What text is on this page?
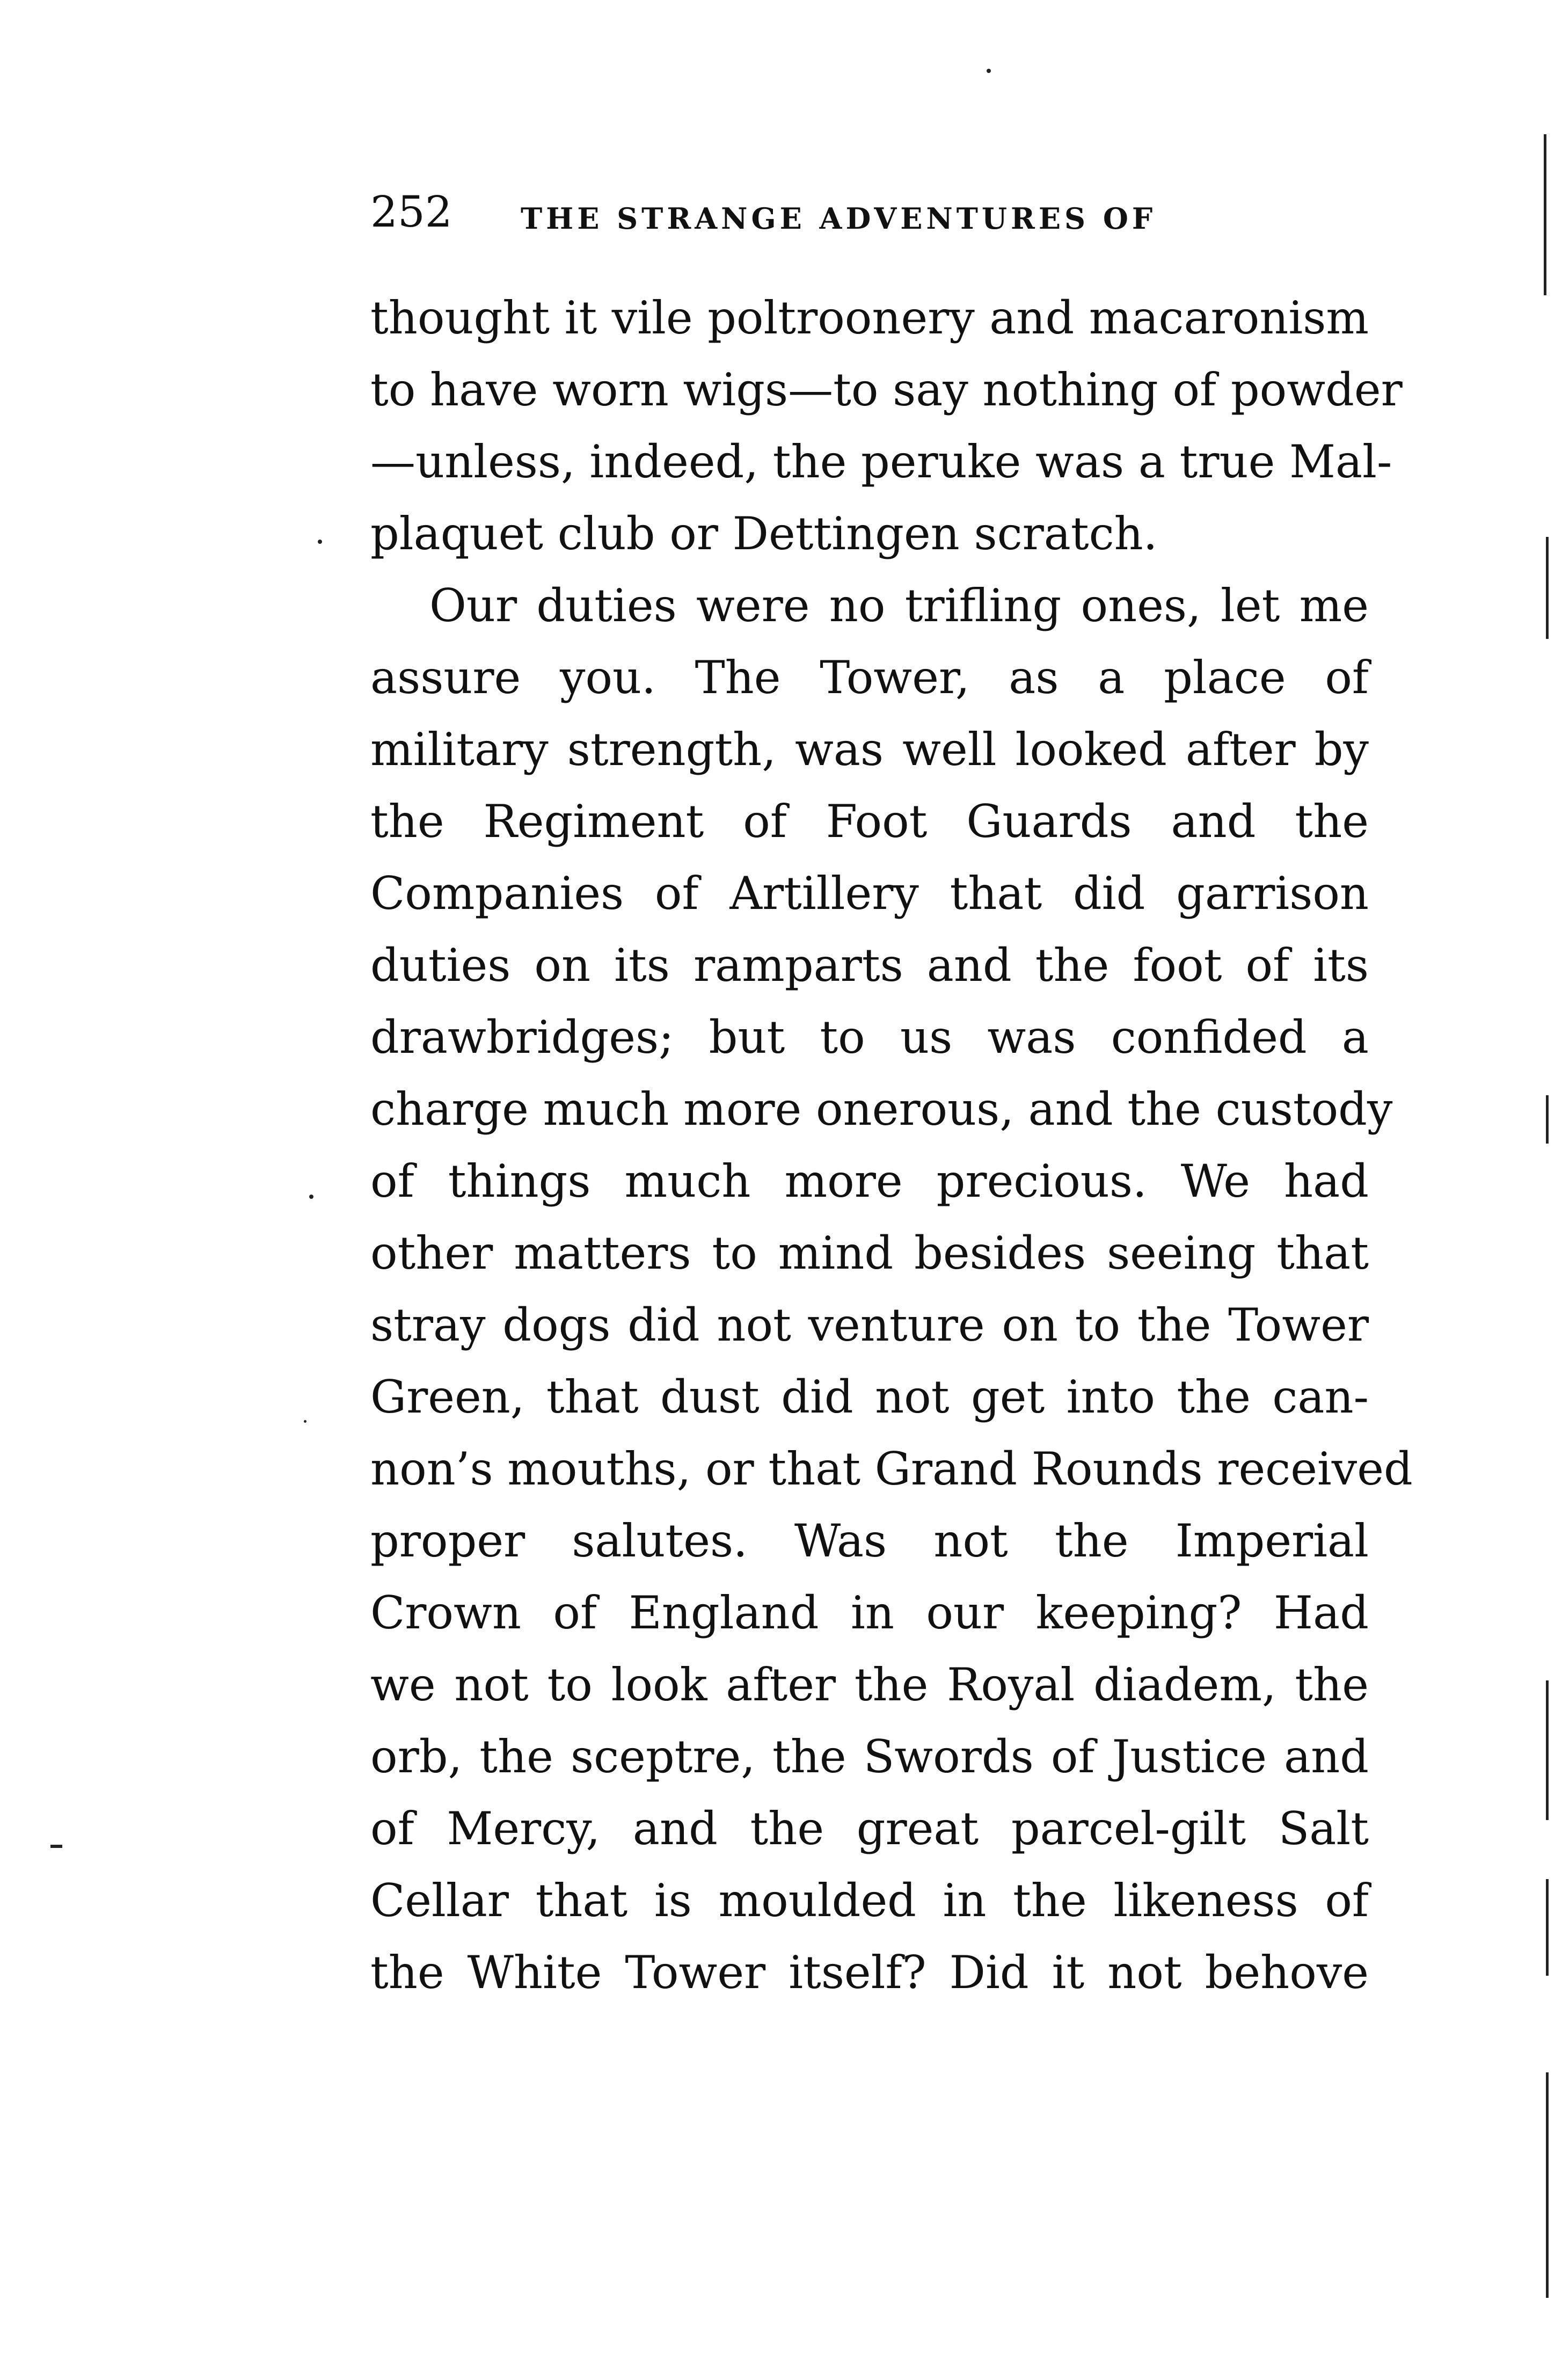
252 THE STRANGE ADVENTURES OF
thought it vile poltroonery and macaronism
to have worn wigs—to say nothing of powder
—unless, indeed, the peruke was a true Mal-
plaquet club or Dettingen scratch.
Our duties were no trifling ones, let me
assure you. The Tower, as a place of
military strength, was well looked after by
the Regiment of Foot Guards and the
Companies of Artillery that did garrison
duties on its ramparts and the foot of its
drawbridges; but to us was confided a
charge much more onerous, and the custody
of things much more precious. We had
other matters to mind besides seeing that
stray dogs did not venture on to the Tower
Green, that dust did not get into the can-
non’s mouths, or that Grand Rounds received
proper salutes. Was not the Imperial
Crown of England in our keeping? Had
we not to look after the Royal diadem, the
orb, the sceptre, the Swords of Justice and
of Mercy, and the great parcel-gilt Salt
Cellar that is moulded in the likeness of
the White Tower itself? Did it not behove
